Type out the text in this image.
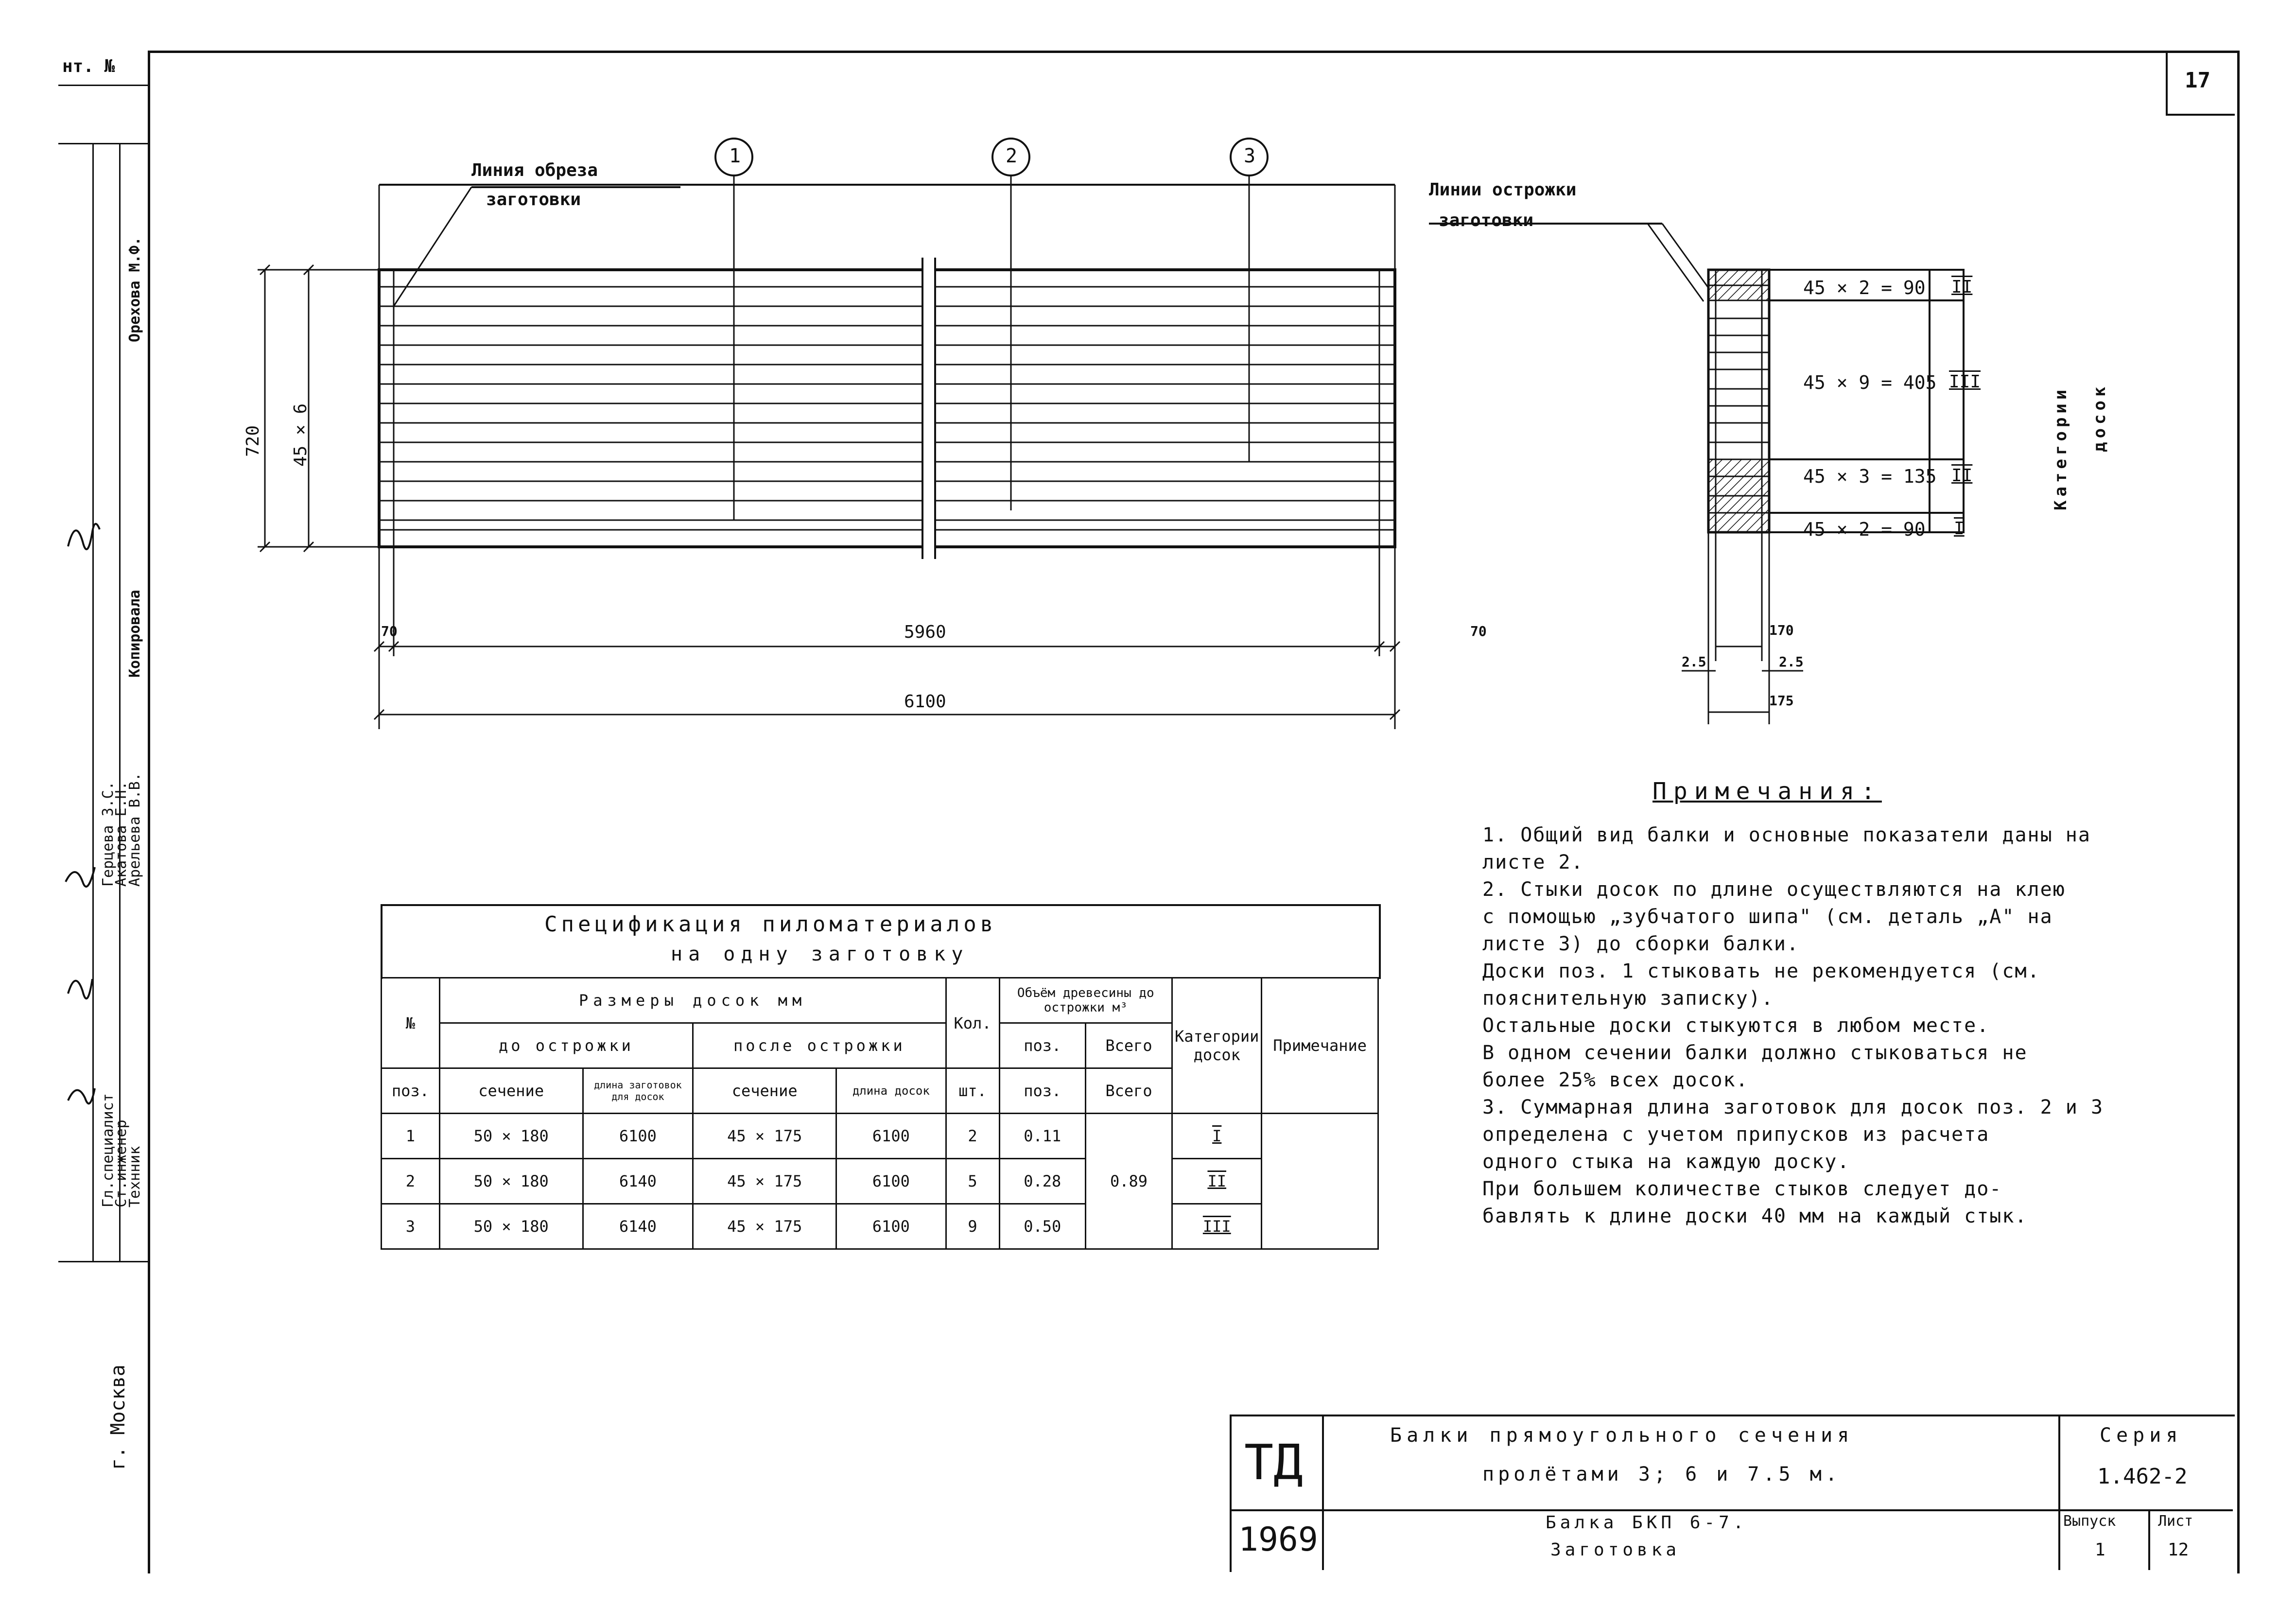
17
нт. №
Орехова М.Ф.
Копировала
Герцева З.С.
Акатова Е.Н.
Арельева В.В.
Гл.специалист
Ст.инженер
Технник
г. Москва
1	2	3
Линия обреза
заготовки
720 45 × 6
70	70
5960
6100
Линии острожки
заготовки
45 × 2 = 90
45 × 9 = 405
45 × 3 = 135
45 × 2 = 90
II
III
II
I
Категории досок
170
2.5	2.5
175
Спецификация пиломатериалов
на одну заготовку
№	Размеры досок мм				Кол.	Объём древесины до острожки м³		Категории досок	Примечание
	до острожки		после острожки			поз.	Всего		
поз.	сечение	длина заготовок для досок	сечение	длина досок	шт.	поз.	Всего		
1	50 × 180	6100	45 × 175	6100	2	0.11	0.89	I	
2	50 × 180	6140	45 × 175	6100	5	0.28		II	
3	50 × 180	6140	45 × 175	6100	9	0.50		III	
Примечания:

1. Общий вид балки и основные показатели даны на

листе 2.

2. Стыки досок по длине осуществляются на клею

с помощью „зубчатого шипа" (см. деталь „А" на

листе 3) до сборки балки.

Доски поз. 1 стыковать не рекомендуется (см.

пояснительную записку).

Остальные доски стыкуются в любом месте.

В одном сечении балки должно стыковаться не

более 25% всех досок.

3. Суммарная длина заготовок для досок поз. 2 и 3

определена с учетом припусков из расчета

одного стыка на каждую доску.

При большем количестве стыков следует до-

бавлять к длине доски 40 мм на каждый стык.

ТД
1969
Балки прямоугольного сечения
пролётами 3; 6 и 7.5 м.
Балка БКП 6-7.
Заготовка
Серия
1.462-2
Выпуск
1
Лист
12
